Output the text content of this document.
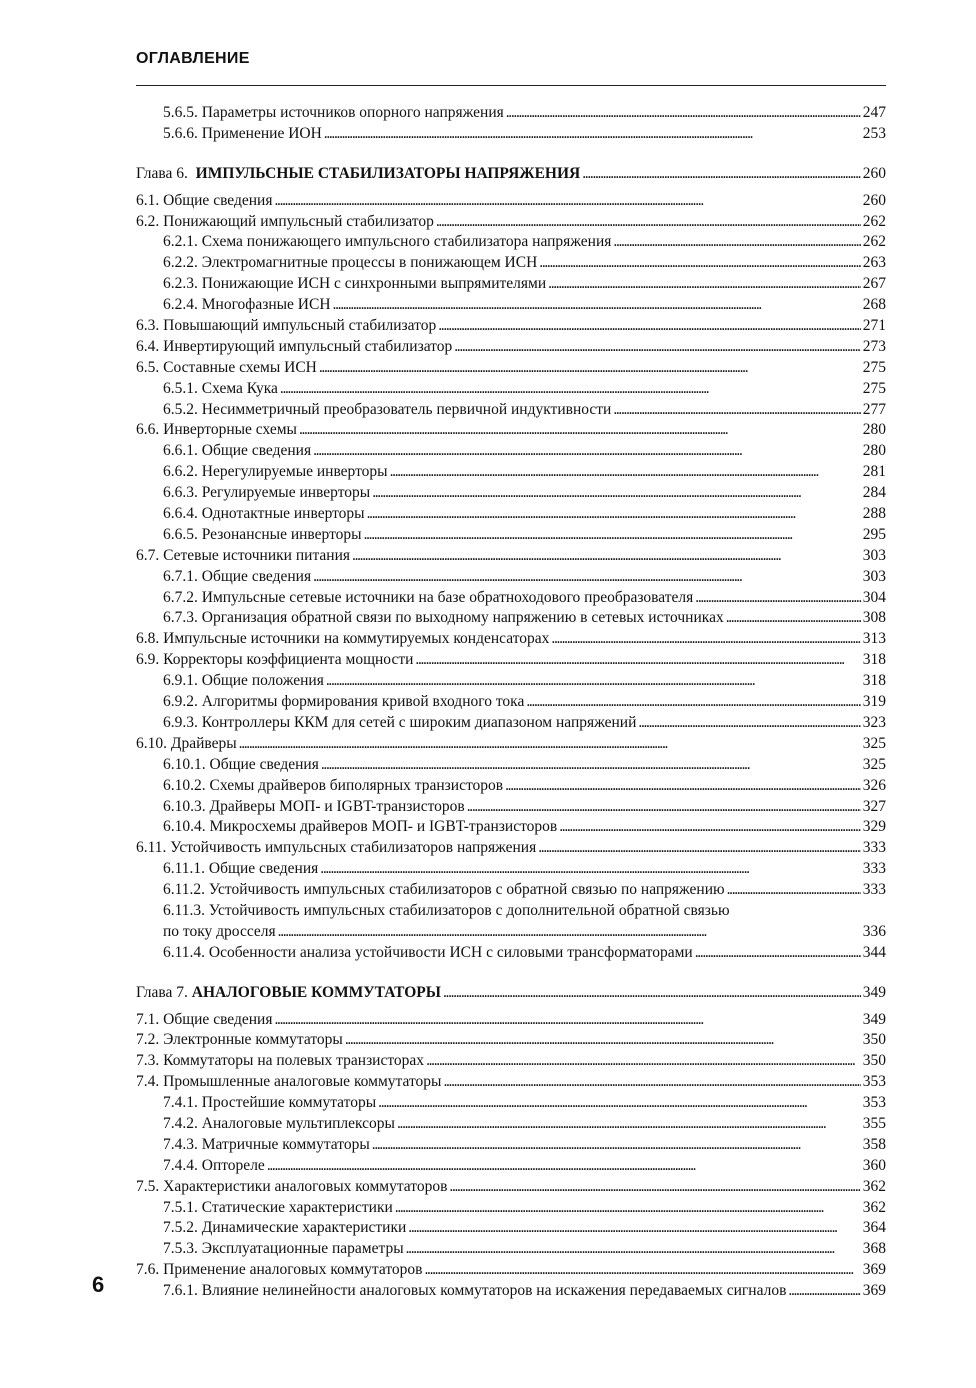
ОГЛАВЛЕНИЕ
6
5.6.5. Параметры источников опорного напряжения . . .	247
5.6.6. Применение ИОН . . .	253
Глава 6. ИМПУЛЬСНЫЕ СТАБИЛИЗАТОРЫ НАПРЯЖЕНИЯ . . .	260
6.1. Общие сведения . . .	260
6.2. Понижающий импульсный стабилизатор . . .	262
6.2.1. Схема понижающего импульсного стабилизатора напряжения . . .	262
6.2.2. Электромагнитные процессы в понижающем ИСН . . .	263
6.2.3. Понижающие ИСН с синхронными выпрямителями . . .	267
6.2.4. Многофазные ИСН . . .	268
6.3. Повышающий импульсный стабилизатор . . .	271
6.4. Инвертирующий импульсный стабилизатор . . .	273
6.5. Составные схемы ИСН . . .	275
6.5.1. Схема Кука . . .	275
6.5.2. Несимметричный преобразователь первичной индуктивности . . .	277
6.6. Инверторные схемы . . .	280
6.6.1. Общие сведения . . .	280
6.6.2. Нерегулируемые инверторы . . .	281
6.6.3. Регулируемые инверторы . . .	284
6.6.4. Однотактные инверторы . . .	288
6.6.5. Резонансные инверторы . . .	295
6.7. Сетевые источники питания . . .	303
6.7.1. Общие сведения . . .	303
6.7.2. Импульсные сетевые источники на базе обратноходового преобразователя . . .	304
6.7.3. Организация обратной связи по выходному напряжению в сетевых источниках . . .	308
6.8. Импульсные источники на коммутируемых конденсаторах . . .	313
6.9. Корректоры коэффициента мощности . . .	318
6.9.1. Общие положения . . .	318
6.9.2. Алгоритмы формирования кривой входного тока . . .	319
6.9.3. Контроллеры ККМ для сетей с широким диапазоном напряжений . . .	323
6.10. Драйверы . . .	325
6.10.1. Общие сведения . . .	325
6.10.2. Схемы драйверов биполярных транзисторов . . .	326
6.10.3. Драйверы МОП- и IGBT-транзисторов . . .	327
6.10.4. Микросхемы драйверов МОП- и IGBT-транзисторов . . .	329
6.11. Устойчивость импульсных стабилизаторов напряжения . . .	333
6.11.1. Общие сведения . . .	333
6.11.2. Устойчивость импульсных стабилизаторов с обратной связью по напряжению . . .	333
6.11.3. Устойчивость импульсных стабилизаторов с дополнительной обратной связью
по току дросселя . . .	336
6.11.4. Особенности анализа устойчивости ИСН с силовыми трансформаторами . . .	344
Глава 7. АНАЛОГОВЫЕ КОММУТАТОРЫ . . .	349
7.1. Общие сведения . . .	349
7.2. Электронные коммутаторы . . .	350
7.3. Коммутаторы на полевых транзисторах . . .	350
7.4. Промышленные аналоговые коммутаторы . . .	353
7.4.1. Простейшие коммутаторы . . .	353
7.4.2. Аналоговые мультиплексоры . . .	355
7.4.3. Матричные коммутаторы . . .	358
7.4.4. Оптореле . . .	360
7.5. Характеристики аналоговых коммутаторов . . .	362
7.5.1. Статические характеристики . . .	362
7.5.2. Динамические характеристики . . .	364
7.5.3. Эксплуатационные параметры . . .	368
7.6. Применение аналоговых коммутаторов . . .	369
7.6.1. Влияние нелинейности аналоговых коммутаторов на искажения передаваемых сигналов . . .	369
